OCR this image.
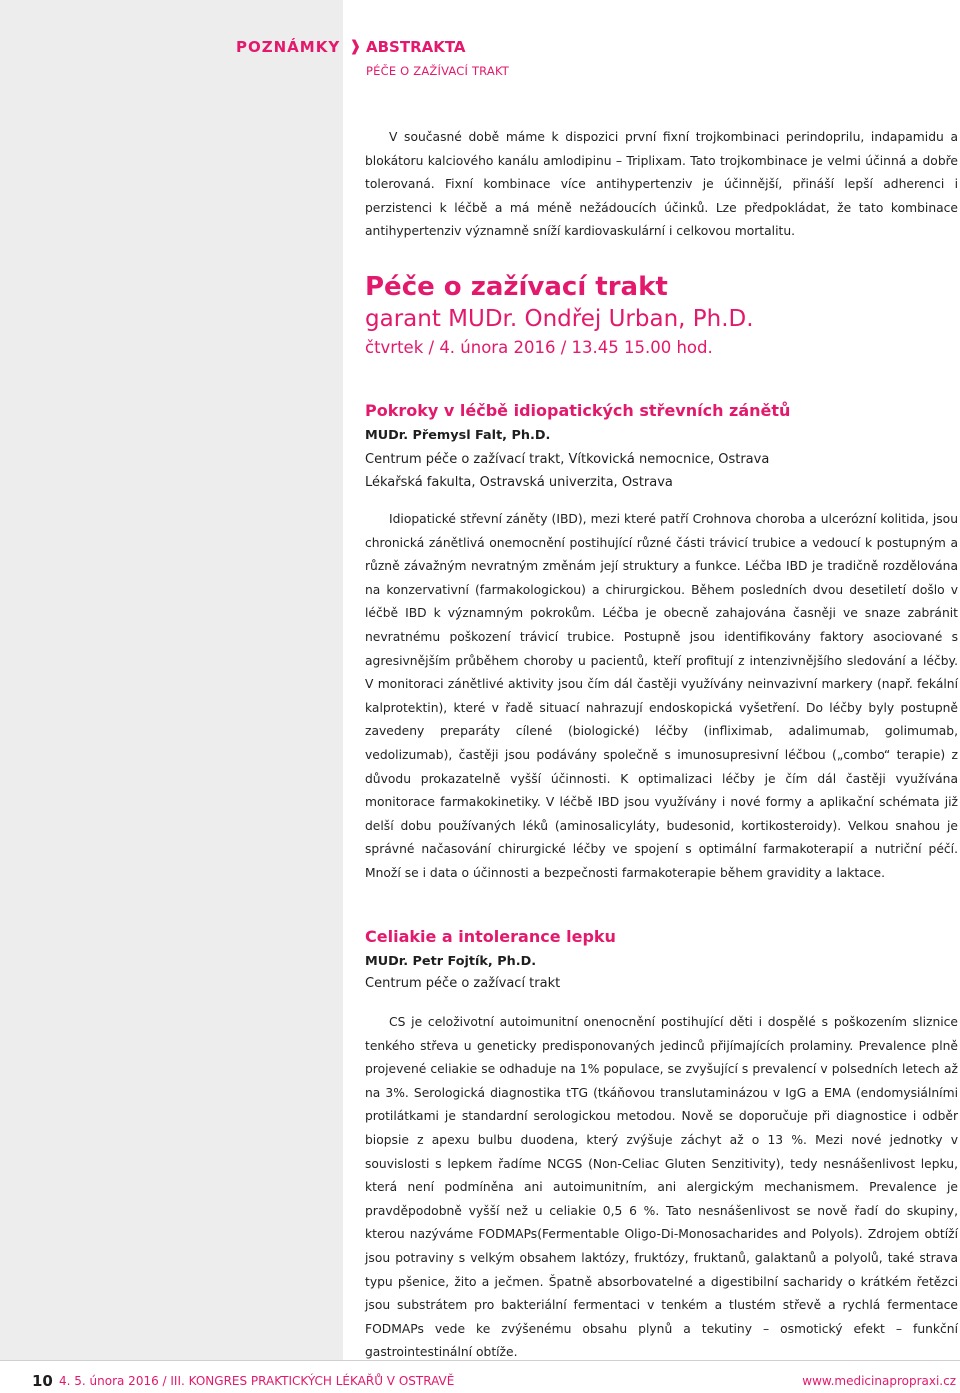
POZNÁMKY ❱ ABSTRAKTA
PÉČE O ZAŽÍVACÍ TRAKT

V současné době máme k dispozici první fixní trojkombinaci perindoprilu, indapamidu a blokátoru kalciového kanálu amlodipinu – Triplixam. Tato trojkombinace je velmi účinná a dobře tolerovaná. Fixní kombinace více antihypertenziv je účinnější, přináší lepší adherenci i perzistenci k léčbě a má méně nežádoucích účinků. Lze předpokládat, že tato kombinace antihypertenziv významně sníží kardiovaskulární i celkovou mortalitu.

Péče o zažívací trakt
garant MUDr. Ondřej Urban, Ph.D.
čtvrtek / 4. února 2016 / 13.45 15.00 hod.
Pokroky v léčbě idiopatických střevních zánětů
MUDr. Přemysl Falt, Ph.D.
Centrum péče o zažívací trakt, Vítkovická nemocnice, Ostrava
Lékařská fakulta, Ostravská univerzita, Ostrava

Idiopatické střevní záněty (IBD), mezi které patří Crohnova choroba a ulcerózní kolitida, jsou chronická zánětlivá onemocnění postihující různé části trávicí trubice a vedoucí k postupným a různě závažným nevratným změnám její struktury a funkce. Léčba IBD je tradičně rozdělována na konzervativní (farmakologickou) a chirurgickou. Během posledních dvou desetiletí došlo v léčbě IBD k významným pokrokům. Léčba je obecně zahajována časněji ve snaze zabránit nevratnému poškození trávicí trubice. Postupně jsou identifikovány faktory asociované s agresivnějším průběhem choroby u pacientů, kteří profitují z intenzivnějšího sledování a léčby. V monitoraci zánětlivé aktivity jsou čím dál častěji využívány neinvazivní markery (např. fekální kalprotektin), které v řadě situací nahrazují endoskopická vyšetření. Do léčby byly postupně zavedeny preparáty cílené (biologické) léčby (infliximab, adalimumab, golimumab, vedolizumab), častěji jsou podávány společně s imunosupresivní léčbou („combo“ terapie) z důvodu prokazatelně vyšší účinnosti. K optimalizaci léčby je čím dál častěji využívána monitorace farmakokinetiky. V léčbě IBD jsou využívány i nové formy a aplikační schémata již delší dobu používaných léků (aminosalicyláty, budesonid, kortikosteroidy). Velkou snahou je správné načasování chirurgické léčby ve spojení s optimální farmakoterapií a nutriční péčí. Množí se i data o účinnosti a bezpečnosti farmakoterapie během gravidity a laktace.

Celiakie a intolerance lepku
MUDr. Petr Fojtík, Ph.D.
Centrum péče o zažívací trakt

CS je celoživotní autoimunitní onenocnění postihující děti i dospělé s poškozením sliznice tenkého střeva u geneticky predisponovaných jedinců přijímajících prolaminy. Prevalence plně projevené celiakie se odhaduje na 1% populace, se zvyšující s prevalencí v polsedních letech až na 3%. Serologická diagnostika tTG (tkáňovou translutaminázou v IgG a EMA (endomysiálními protilátkami je standardní serologickou metodou. Nově se doporučuje při diagnostice i odběr biopsie z apexu bulbu duodena, který zvýšuje záchyt až o 13 %. Mezi nové jednotky v souvislosti s lepkem řadíme NCGS (Non-Celiac Gluten Senzitivity), tedy nesnášenlivost lepku, která není podmíněna ani autoimunitním, ani alergickým mechanismem. Prevalence je pravděpodobně vyšší než u celiakie 0,5 6 %. Tato nesnášenlivost se nově řadí do skupiny, kterou nazýváme FODMAPs(Fermentable Oligo-Di-Monosacharides and Polyols). Zdrojem obtíží jsou potraviny s velkým obsahem laktózy, fruktózy, fruktanů, galaktanů a polyolů, také strava typu pšenice, žito a ječmen. Špatně absorbovatelné a digestibilní sacharidy o krátkém řetězci jsou substrátem pro bakteriální fermentaci v tenkém a tlustém střevě a rychlá fermentace FODMAPs vede ke zvýšenému obsahu plynů a tekutiny – osmotický efekt – funkční gastrointestinální obtíže.

10 4. 5. února 2016 / III. KONGRES PRAKTICKÝCH LÉKAŘŮ V OSTRAVĚ	www.medicinapropraxi.cz
